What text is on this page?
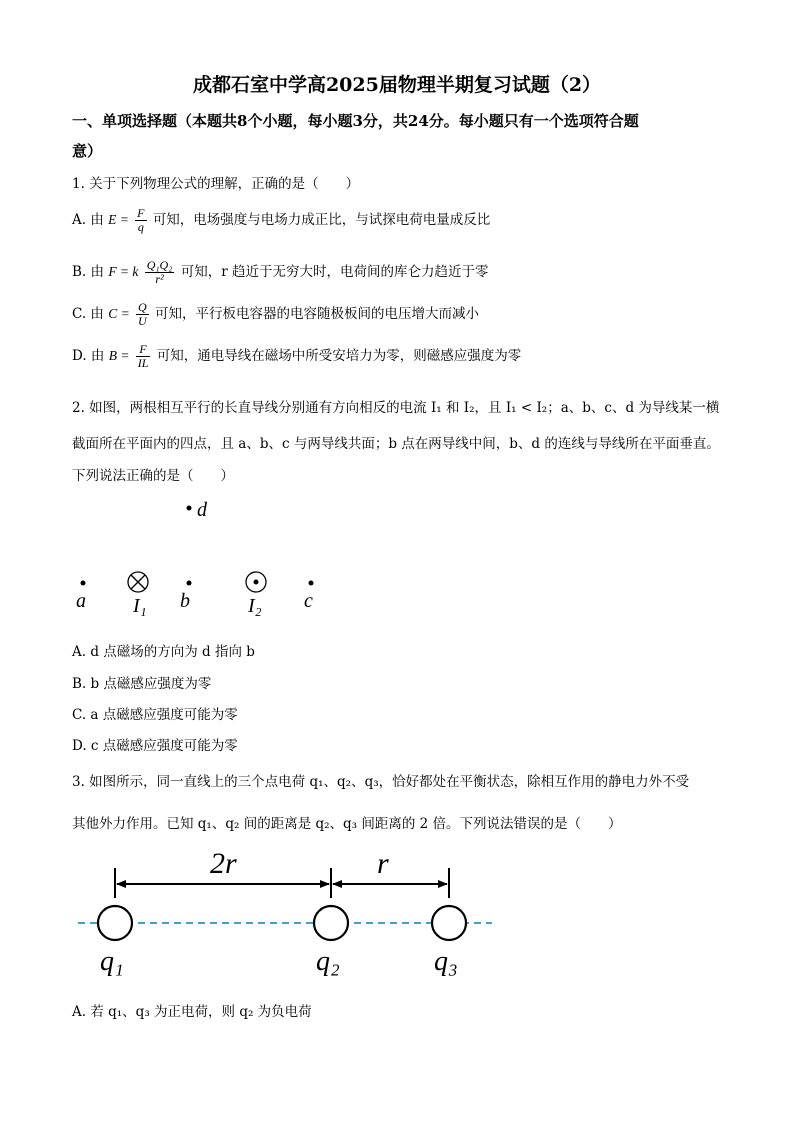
成都石室中学高2025届物理半期复习试题（2）
一、单项选择题（本题共8个小题，每小题3分，共24分。每小题只有一个选项符合题
意）
1. 关于下列物理公式的理解，正确的是（　　）
A. 由 $E = \frac{F}{q}$ 可知，电场强度与电场力成正比，与试探电荷电量成反比
B. 由 F = k $\frac{\text{Q₁Q₂}}{\text{r²}}$ 可知，r 趋近于无穷大时，电荷间的库仑力趋近于零
C. 由 $C = \frac{Q}{U}$ 可知，平行板电容器的电容随极板间的电压增大而减小
D. 由 $B = \frac{F}{IL}$ 可知，通电导线在磁场中所受安培力为零，则磁感应强度为零
2. 如图，两根相互平行的长直导线分别通有方向相反的电流 I₁ 和 I₂，且 I₁ < I₂；a、b、c、d 为导线某一横
截面所在平面内的四点，且 a、b、c 与两导线共面；b 点在两导线中间，b、d 的连线与导线所在平面垂直。
下列说法正确的是（　　）
d
a I₁ b	I₂ c
A. d 点磁场的方向为 d 指向 b
B. b 点磁感应强度为零
C. a 点磁感应强度可能为零
D. c 点磁感应强度可能为零
3. 如图所示，同一直线上的三个点电荷 q₁、q₂、q₃，恰好都处在平衡状态，除相互作用的静电力外不受
其他外力作用。已知 q₁、q₂ 间的距离是 q₂、q₃ 间距离的 2 倍。下列说法错误的是（　　）
2r	r
q₁	q₂	q₃
A. 若 q₁、q₃ 为正电荷，则 q₂ 为负电荷
